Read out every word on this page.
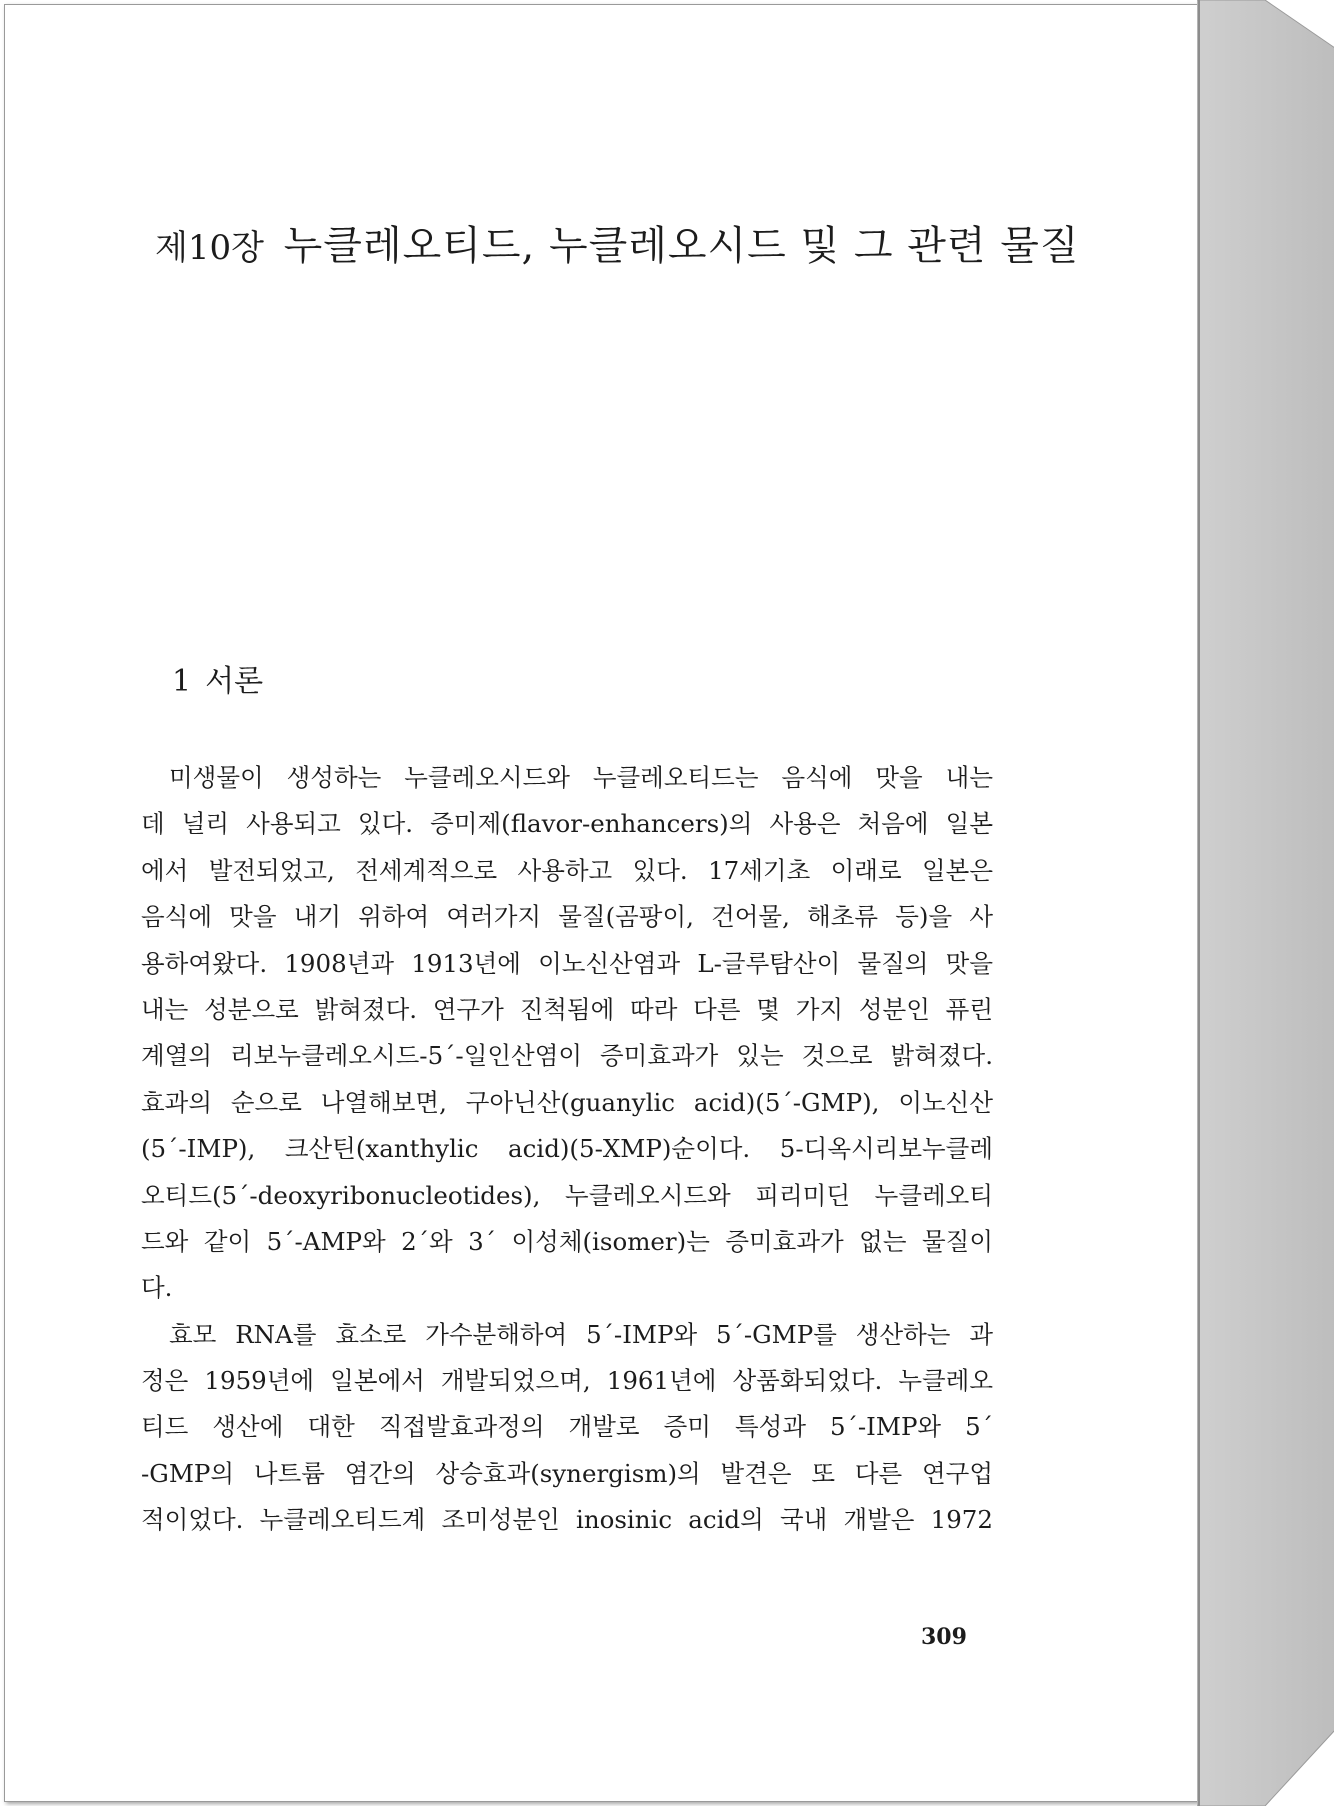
제10장 누클레오티드, 누클레오시드 및 그 관련 물질
1 서론
미생물이 생성하는 누클레오시드와 누클레오티드는 음식에 맛을 내는
데 널리 사용되고 있다. 증미제(flavor-enhancers)의 사용은 처음에 일본
에서 발전되었고, 전세계적으로 사용하고 있다. 17세기초 이래로 일본은
음식에 맛을 내기 위하여 여러가지 물질(곰팡이, 건어물, 해초류 등)을 사
용하여왔다. 1908년과 1913년에 이노신산염과 L-글루탐산이 물질의 맛을
내는 성분으로 밝혀졌다. 연구가 진척됨에 따라 다른 몇 가지 성분인 퓨린
계열의 리보누클레오시드-5´-일인산염이 증미효과가 있는 것으로 밝혀졌다.
효과의 순으로 나열해보면, 구아닌산(guanylic acid)(5´-GMP), 이노신산
(5´-IMP), 크산틴(xanthylic acid)(5-XMP)순이다. 5-디옥시리보누클레
오티드(5´-deoxyribonucleotides), 누클레오시드와 피리미딘 누클레오티
드와 같이 5´-AMP와 2´와 3´ 이성체(isomer)는 증미효과가 없는 물질이
다.
효모 RNA를 효소로 가수분해하여 5´-IMP와 5´-GMP를 생산하는 과
정은 1959년에 일본에서 개발되었으며, 1961년에 상품화되었다. 누클레오
티드 생산에 대한 직접발효과정의 개발로 증미 특성과 5´-IMP와 5´
-GMP의 나트륨 염간의 상승효과(synergism)의 발견은 또 다른 연구업
적이었다. 누클레오티드계 조미성분인 inosinic acid의 국내 개발은 1972
309
